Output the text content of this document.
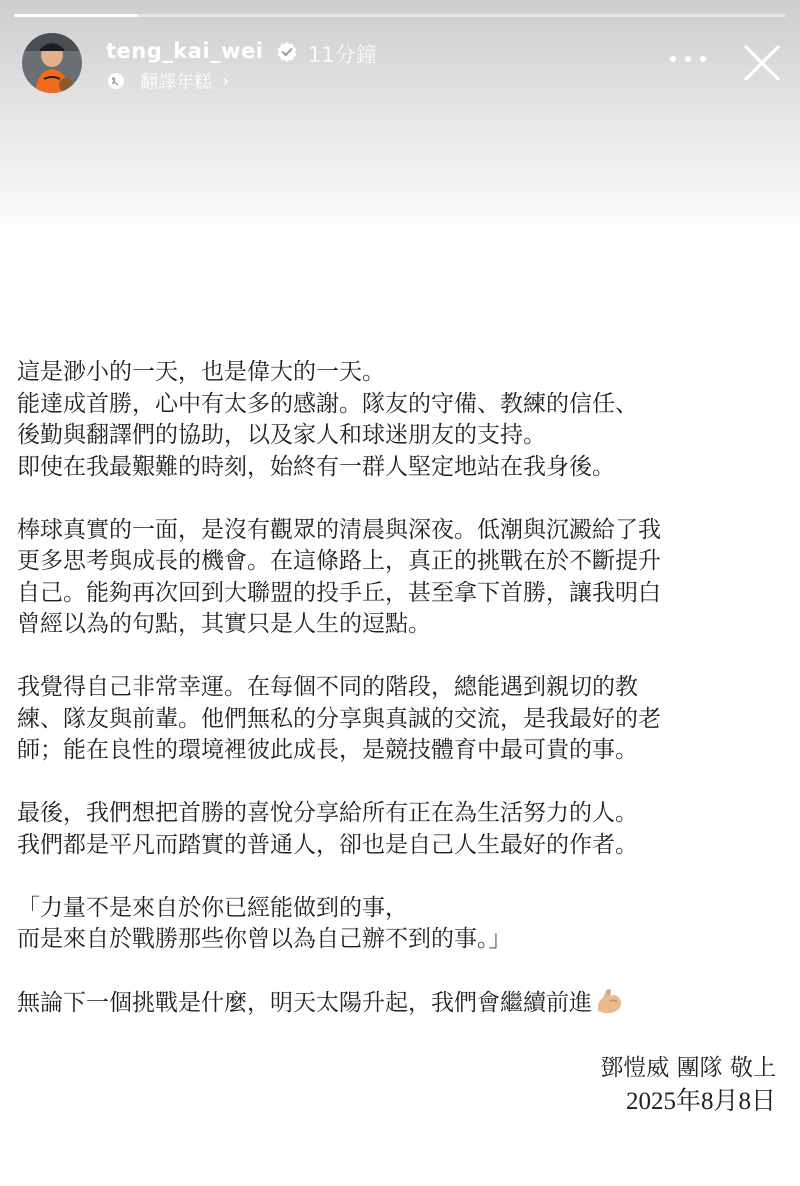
teng_kai_wei 11分鐘
翻譯年糕 ›

這是渺小的一天，也是偉大的一天。
能達成首勝，心中有太多的感謝。隊友的守備、教練的信任、
後勤與翻譯們的協助，以及家人和球迷朋友的支持。
即使在我最艱難的時刻，始終有一群人堅定地站在我身後。

棒球真實的一面，是沒有觀眾的清晨與深夜。低潮與沉澱給了我
更多思考與成長的機會。在這條路上，真正的挑戰在於不斷提升
自己。能夠再次回到大聯盟的投手丘，甚至拿下首勝，讓我明白
曾經以為的句點，其實只是人生的逗點。

我覺得自己非常幸運。在每個不同的階段，總能遇到親切的教
練、隊友與前輩。他們無私的分享與真誠的交流，是我最好的老
師；能在良性的環境裡彼此成長，是競技體育中最可貴的事。

最後，我們想把首勝的喜悅分享給所有正在為生活努力的人。
我們都是平凡而踏實的普通人，卻也是自己人生最好的作者。

「力量不是來自於你已經能做到的事，
而是來自於戰勝那些你曾以為自己辦不到的事。」

無論下一個挑戰是什麼，明天太陽升起，我們會繼續前進

鄧愷威 團隊 敬上
2025年8月8日
